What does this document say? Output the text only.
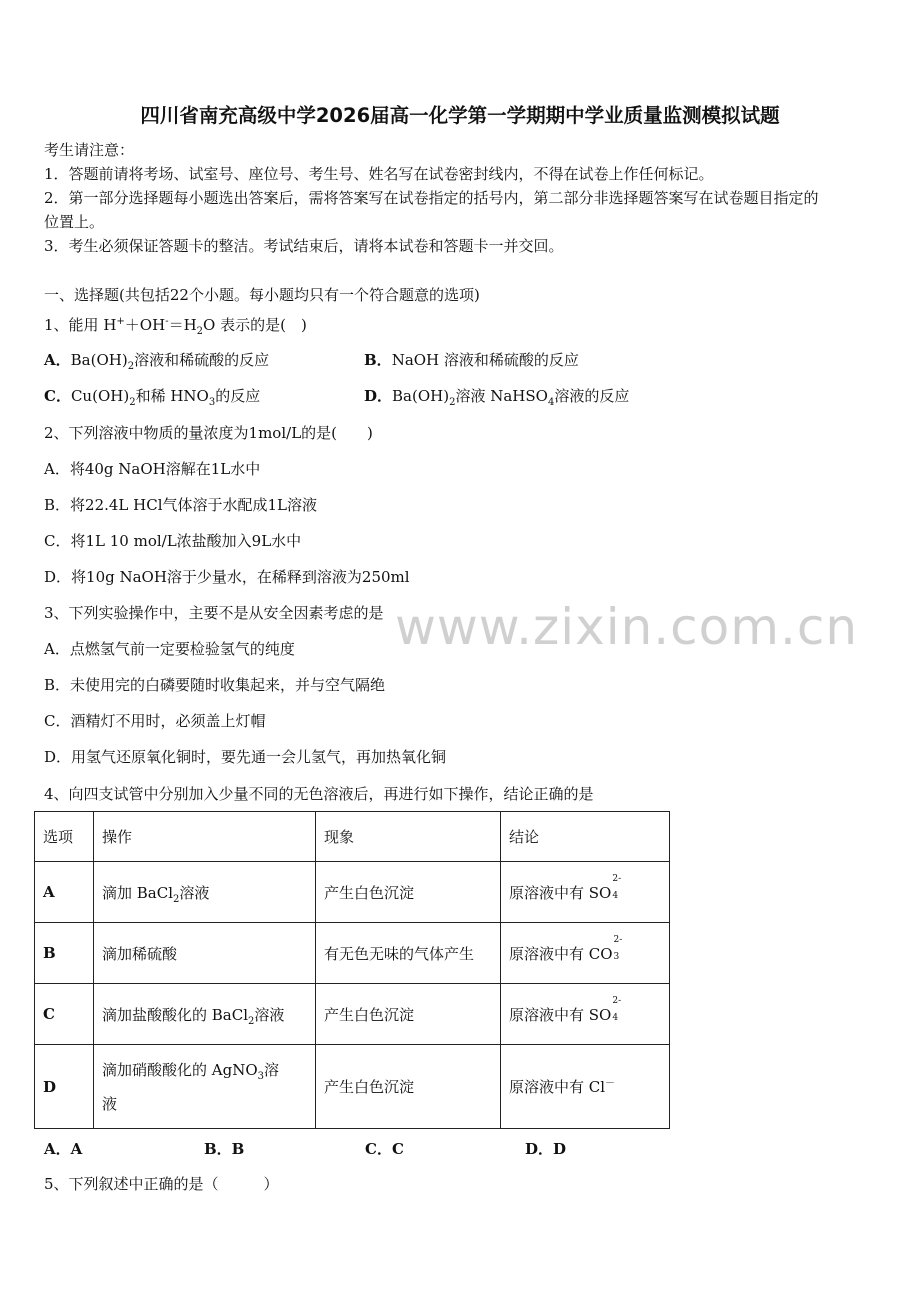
四川省南充高级中学2026届高一化学第一学期期中学业质量监测模拟试题
考生请注意：
1．答题前请将考场、试室号、座位号、考生号、姓名写在试卷密封线内，不得在试卷上作任何标记。
2．第一部分选择题每小题选出答案后，需将答案写在试卷指定的括号内，第二部分非选择题答案写在试卷题目指定的
位置上。
3．考生必须保证答题卡的整洁。考试结束后，请将本试卷和答题卡一并交回。
一、选择题(共包括22个小题。每小题均只有一个符合题意的选项)
1、能用 $H^++OH^-=H_2O$ 表示的是(　)
A．$Ba(OH)_2$溶液和稀硫酸的反应	B．NaOH 溶液和稀硫酸的反应
C．$Cu(OH)_2$和稀 $HNO_3$的反应	D．$Ba(OH)_2$溶液 NaHSO$_4$溶液的反应
2、下列溶液中物质的量浓度为1mol/L的是(　　)
A．将40g NaOH溶解在1L水中
B．将22.4L HCl气体溶于水配成1L溶液
C．将1L 10 mol/L浓盐酸加入9L水中
D．将10g NaOH溶于少量水，在稀释到溶液为250ml
3、下列实验操作中，主要不是从安全因素考虑的是
A．点燃氢气前一定要检验氢气的纯度
B．未使用完的白磷要随时收集起来，并与空气隔绝
C．酒精灯不用时，必须盖上灯帽
D．用氢气还原氧化铜时，要先通一会儿氢气，再加热氧化铜
www.zixin.com.cn
4、向四支试管中分别加入少量不同的无色溶液后，再进行如下操作，结论正确的是
选项	操作	现象	结论
A	滴加 BaCl$_2$溶液	产生白色沉淀	原溶液中有 SO
2-
4

B	滴加稀硫酸	有无色无味的气体产生	原溶液中有 CO
2-
3

C	滴加盐酸酸化的 BaCl$_2$溶液	产生白色沉淀	原溶液中有 SO
2-
4

D	滴加硝酸酸化的 AgNO$_3$溶
液	产生白色沉淀	原溶液中有 Cl－
A．A	B．B	C．C	D．D
5、下列叙述中正确的是（　　　）
